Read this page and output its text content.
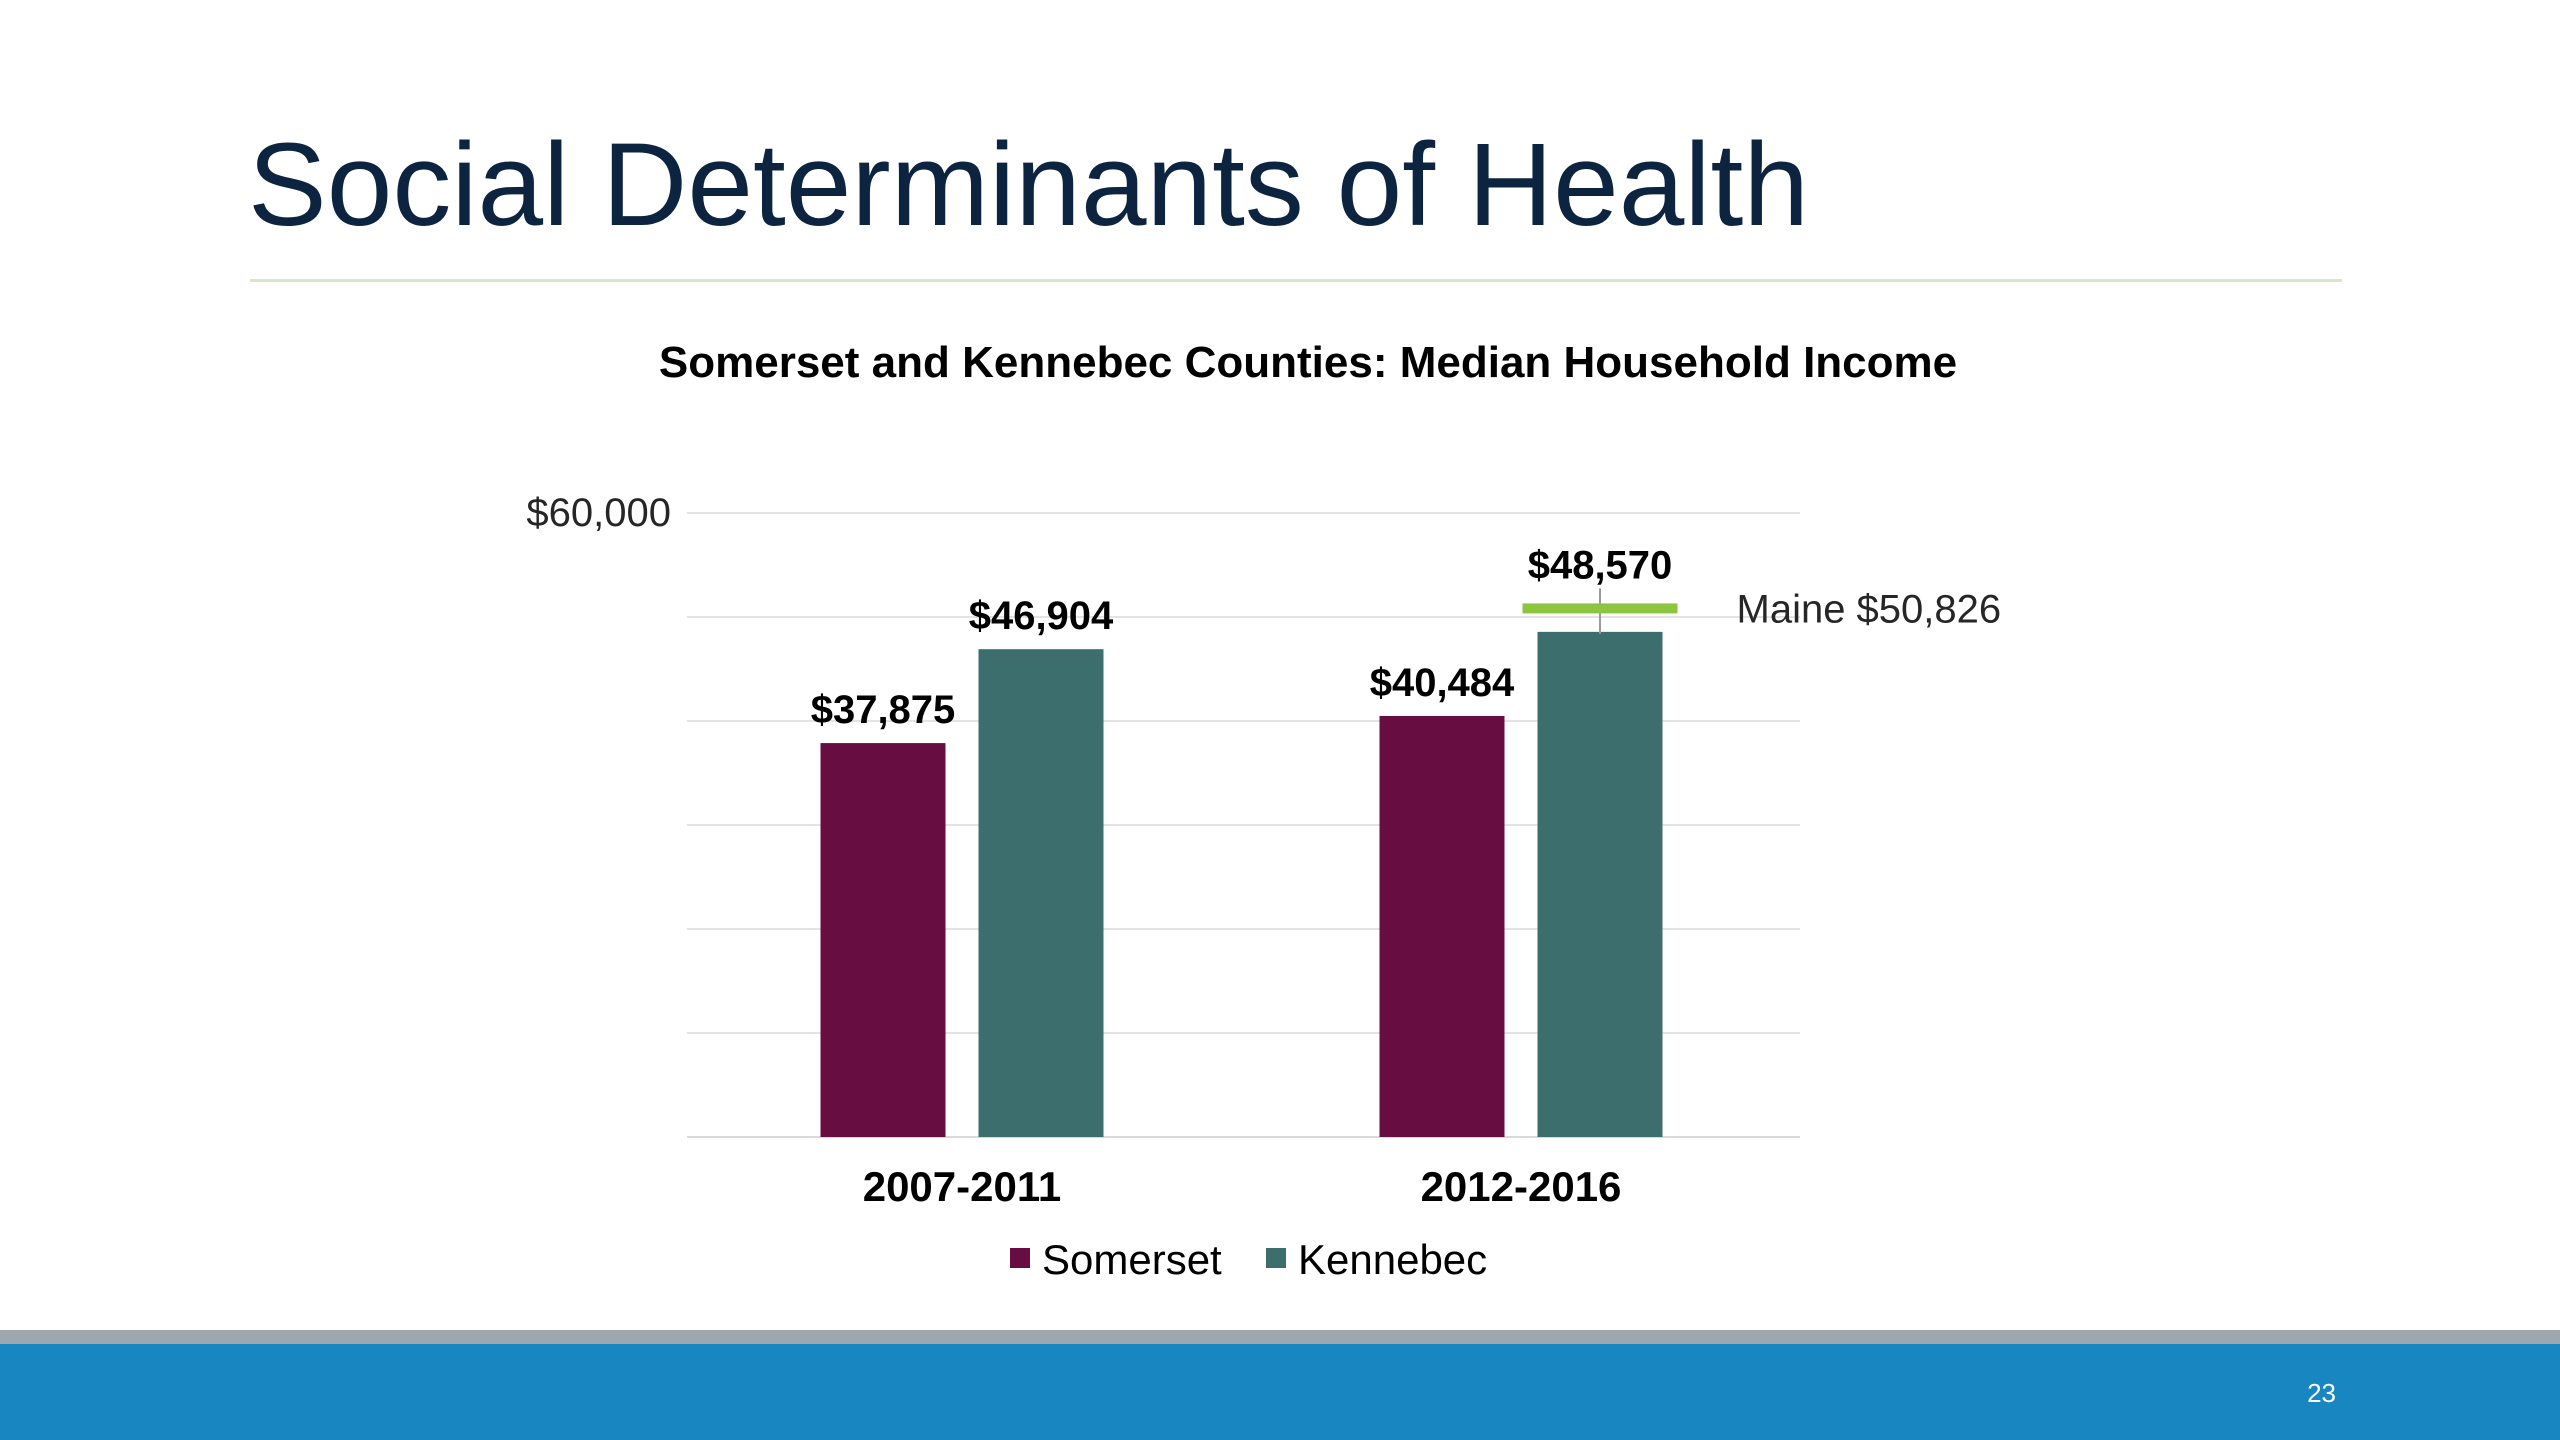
Social Determinants of Health
Somerset and Kennebec Counties: Median Household Income
$60,000
$37,875
$46,904
$40,484
$48,570
Maine $50,826
2007-2011	2012-2016
Somerset Kennebec
23
